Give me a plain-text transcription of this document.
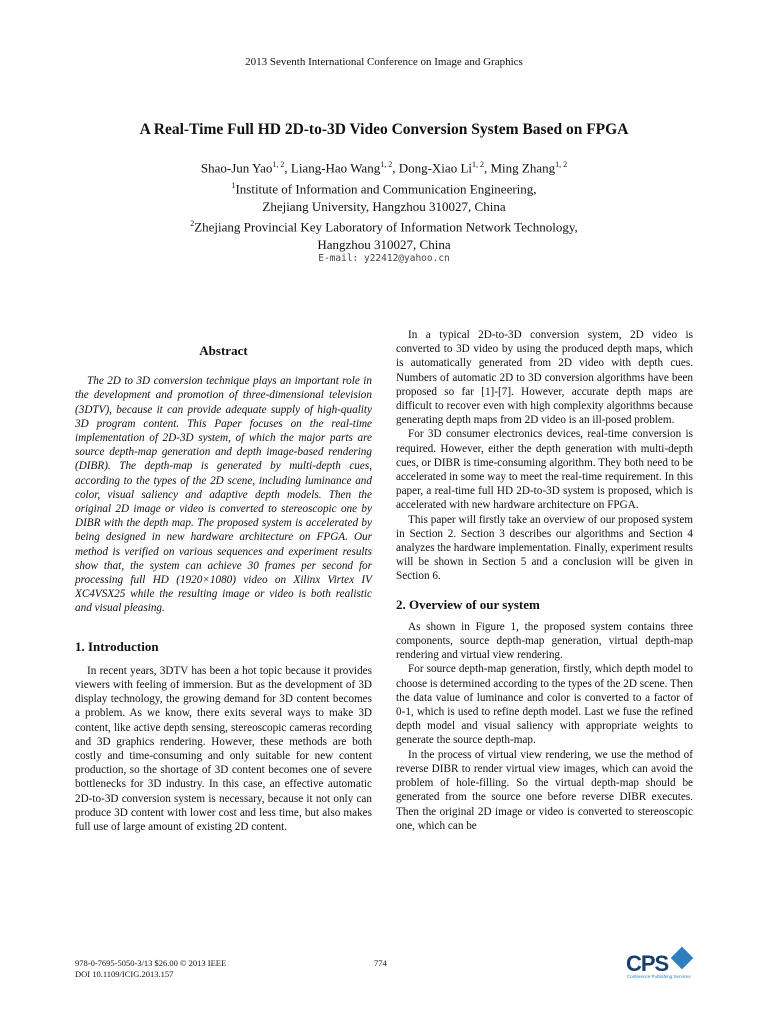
2013 Seventh International Conference on Image and Graphics
A Real-Time Full HD 2D-to-3D Video Conversion System Based on FPGA
Shao-Jun Yao$^{1, 2}$, Liang-Hao Wang$^{1, 2}$, Dong-Xiao Li$^{1, 2}$, Ming Zhang$^{1, 2}$
$^1$Institute of Information and Communication Engineering,
Zhejiang University, Hangzhou 310027, China
$^2$Zhejiang Provincial Key Laboratory of Information Network Technology,
Hangzhou 310027, China
E-mail: y22412@yahoo.cn
Abstract

The 2D to 3D conversion technique plays an important role in the development and promotion of three-dimensional television (3DTV), because it can provide adequate supply of high-quality 3D program content. This Paper focuses on the real-time implementation of 2D-3D system, of which the major parts are source depth-map generation and depth image-based rendering (DIBR). The depth-map is generated by multi-depth cues, according to the types of the 2D scene, including luminance and color, visual saliency and adaptive depth models. Then the original 2D image or video is converted to stereoscopic one by DIBR with the depth map. The proposed system is accelerated by being designed in new hardware architecture on FPGA. Our method is verified on various sequences and experiment results show that, the system can achieve 30 frames per second for processing full HD (1920×1080) video on Xilinx Virtex IV XC4VSX25 while the resulting image or video is both realistic and visual pleasing.

1. Introduction

In recent years, 3DTV has been a hot topic because it provides viewers with feeling of immersion. But as the development of 3D display technology, the growing demand for 3D content becomes a problem. As we know, there exits several ways to make 3D content, like active depth sensing, stereoscopic cameras recording and 3D graphics rendering. However, these methods are both costly and time-consuming and only suitable for new content production, so the shortage of 3D content becomes one of severe bottlenecks for 3D industry. In this case, an effective automatic 2D-to-3D conversion system is necessary, because it not only can produce 3D content with lower cost and less time, but also makes full use of large amount of existing 2D content.

In a typical 2D-to-3D conversion system, 2D video is converted to 3D video by using the produced depth maps, which is automatically generated from 2D video with depth cues. Numbers of automatic 2D to 3D conversion algorithms have been proposed so far [1]-[7]. However, accurate depth maps are difficult to recover even with high complexity algorithms because generating depth maps from 2D video is an ill-posed problem.

For 3D consumer electronics devices, real-time conversion is required. However, either the depth generation with multi-depth cues, or DIBR is time-consuming algorithm. They both need to be accelerated in some way to meet the real-time requirement. In this paper, a real-time full HD 2D-to-3D system is proposed, which is accelerated with new hardware architecture on FPGA.

This paper will firstly take an overview of our proposed system in Section 2. Section 3 describes our algorithms and Section 4 analyzes the hardware implementation. Finally, experiment results will be shown in Section 5 and a conclusion will be given in Section 6.

2. Overview of our system

As shown in Figure 1, the proposed system contains three components, source depth-map generation, virtual depth-map rendering and virtual view rendering.

For source depth-map generation, firstly, which depth model to choose is determined according to the types of the 2D scene. Then the data value of luminance and color is converted to a factor of 0-1, which is used to refine depth model. Last we fuse the refined depth model and visual saliency with appropriate weights to generate the source depth-map.

In the process of virtual view rendering, we use the method of reverse DIBR to render virtual view images, which can avoid the problem of hole-filling. So the virtual depth-map should be generated from the source one before reverse DIBR executes. Then the original 2D image or video is converted to stereoscopic one, which can be

978-0-7695-5050-3/13 $26.00 © 2013 IEEE
DOI 10.1109/ICIG.2013.157
774	CPS
Conference Publishing Services
